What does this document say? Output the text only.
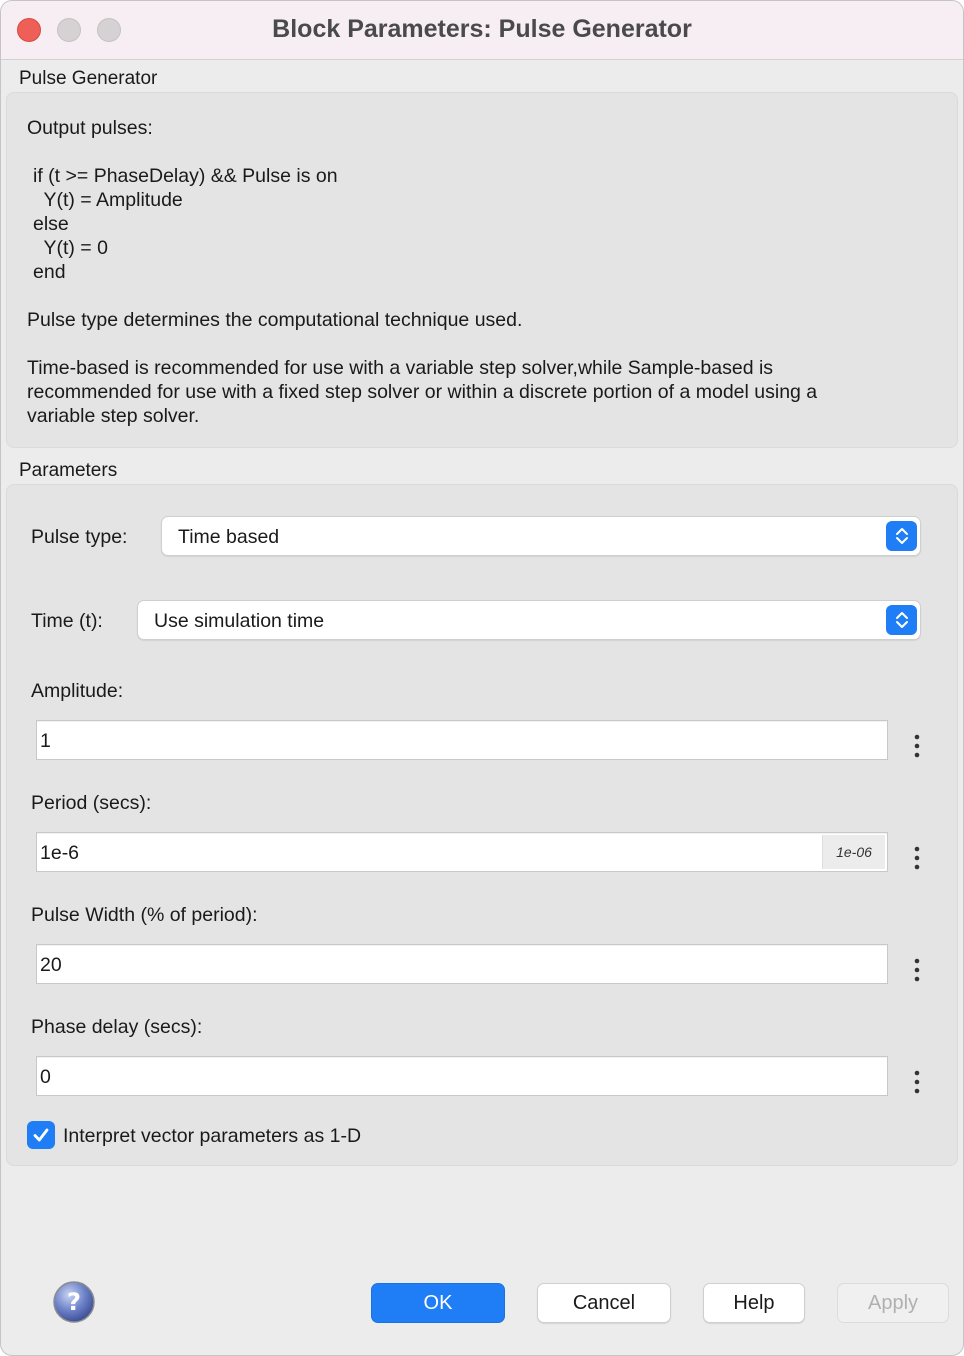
Block Parameters: Pulse Generator
Pulse Generator
Output pulses:
if (t >= PhaseDelay) && Pulse is on
Y(t) = Amplitude
else
Y(t) = 0
end
Pulse type determines the computational technique used.
Time-based is recommended for use with a variable step solver,while Sample-based is
recommended for use with a fixed step solver or within a discrete portion of a model using a
variable step solver.
Parameters
Pulse type:	Time based
Time (t):	Use simulation time
Amplitude:
1
Period (secs):
1e-6	1e-06
Pulse Width (% of period):
20
Phase delay (secs):
0
Interpret vector parameters as 1-D
?	OK	Cancel	Help	Apply
